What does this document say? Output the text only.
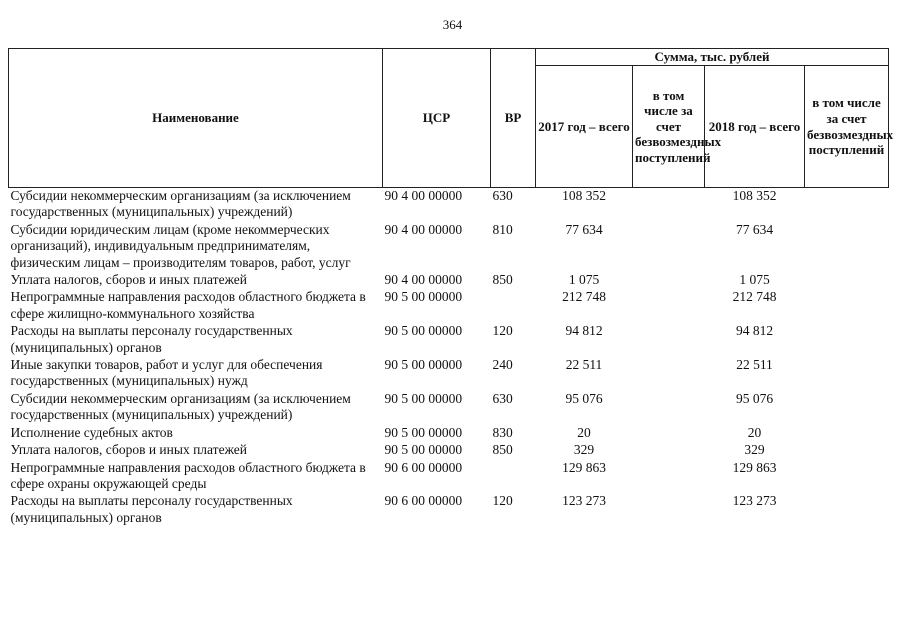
364
Наименование	ЦСР	ВР	Сумма, тыс. рублей			
			2017 год – всего	в том числе за счет безвозмездных поступлений	2018 год – всего	в том числе за счет безвозмездных поступлений
Субсидии некоммерческим организациям (за исключением государственных (муниципальных) учреждений)	90 4 00 00000	630	108 352		108 352	
Субсидии юридическим лицам (кроме некоммерческих организаций), индивидуальным предпринимателям, физическим лицам – производителям товаров, работ, услуг	90 4 00 00000	810	77 634		77 634	
Уплата налогов, сборов и иных платежей	90 4 00 00000	850	1 075		1 075	
Непрограммные направления расходов областного бюджета в сфере жилищно-коммунального хозяйства	90 5 00 00000		212 748		212 748	
Расходы на выплаты персоналу государственных (муниципальных) органов	90 5 00 00000	120	94 812		94 812	
Иные закупки товаров, работ и услуг для обеспечения государственных (муниципальных) нужд	90 5 00 00000	240	22 511		22 511	
Субсидии некоммерческим организациям (за исключением государственных (муниципальных) учреждений)	90 5 00 00000	630	95 076		95 076	
Исполнение судебных актов	90 5 00 00000	830	20		20	
Уплата налогов, сборов и иных платежей	90 5 00 00000	850	329		329	
Непрограммные направления расходов областного бюджета в сфере охраны окружающей среды	90 6 00 00000		129 863		129 863	
Расходы на выплаты персоналу государственных (муниципальных) органов	90 6 00 00000	120	123 273		123 273	
